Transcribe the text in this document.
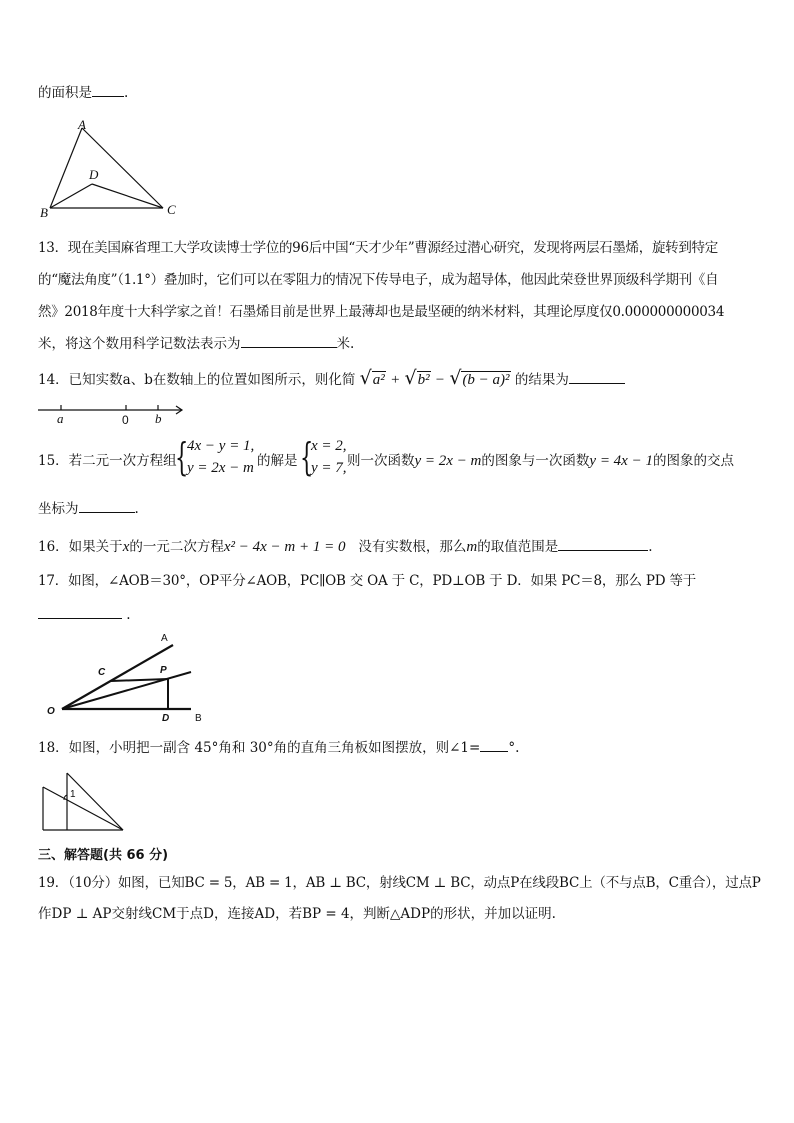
的面积是 .
A
B	C
D
13．现在美国麻省理工大学攻读博士学位的96后中国“天才少年”曹源经过潜心研究，发现将两层石墨烯，旋转到特定
的“魔法角度”（1.1°）叠加时，它们可以在零阻力的情况下传导电子，成为超导体，他因此荣登世界顶级科学期刊《自
然》2018年度十大科学家之首！石墨烯目前是世界上最薄却也是最坚硬的纳米材料，其理论厚度仅0.000000000034
米，将这个数用科学记数法表示为	米.
14．已知实数a、b在数轴上的位置如图所示，则化简 √a² + √b² − √(b − a)² 的结果为
a	0 b
15．若二元一次方程组
{
4x − y = 1,
y = 2x − m 的解是 {
x = 2,
y = 7, 则一次函数y = 2x − m的图象与一次函数y = 4x − 1的图象的交点
坐标为	.
16．如果关于x的一元二次方程x² − 4x − m + 1 = 0 没有实数根，那么m的取值范围是	.
17．如图，∠AOB＝30°，OP平分∠AOB，PC∥OB 交 OA 于 C，PD⊥OB 于 D．如果 PC＝8，那么 PD 等于
.
A
B
C
D
O
P
18．如图，小明把一副含 45°角和 30°角的直角三角板如图摆放，则∠1= °.
1
三、解答题(共 66 分)
19．（10分）如图，已知BC = 5，AB = 1，AB ⊥ BC，射线CM ⊥ BC，动点P在线段BC上（不与点B，C重合），过点P
作DP ⊥ AP交射线CM于点D，连接AD，若BP = 4，判断△ADP的形状，并加以证明.
